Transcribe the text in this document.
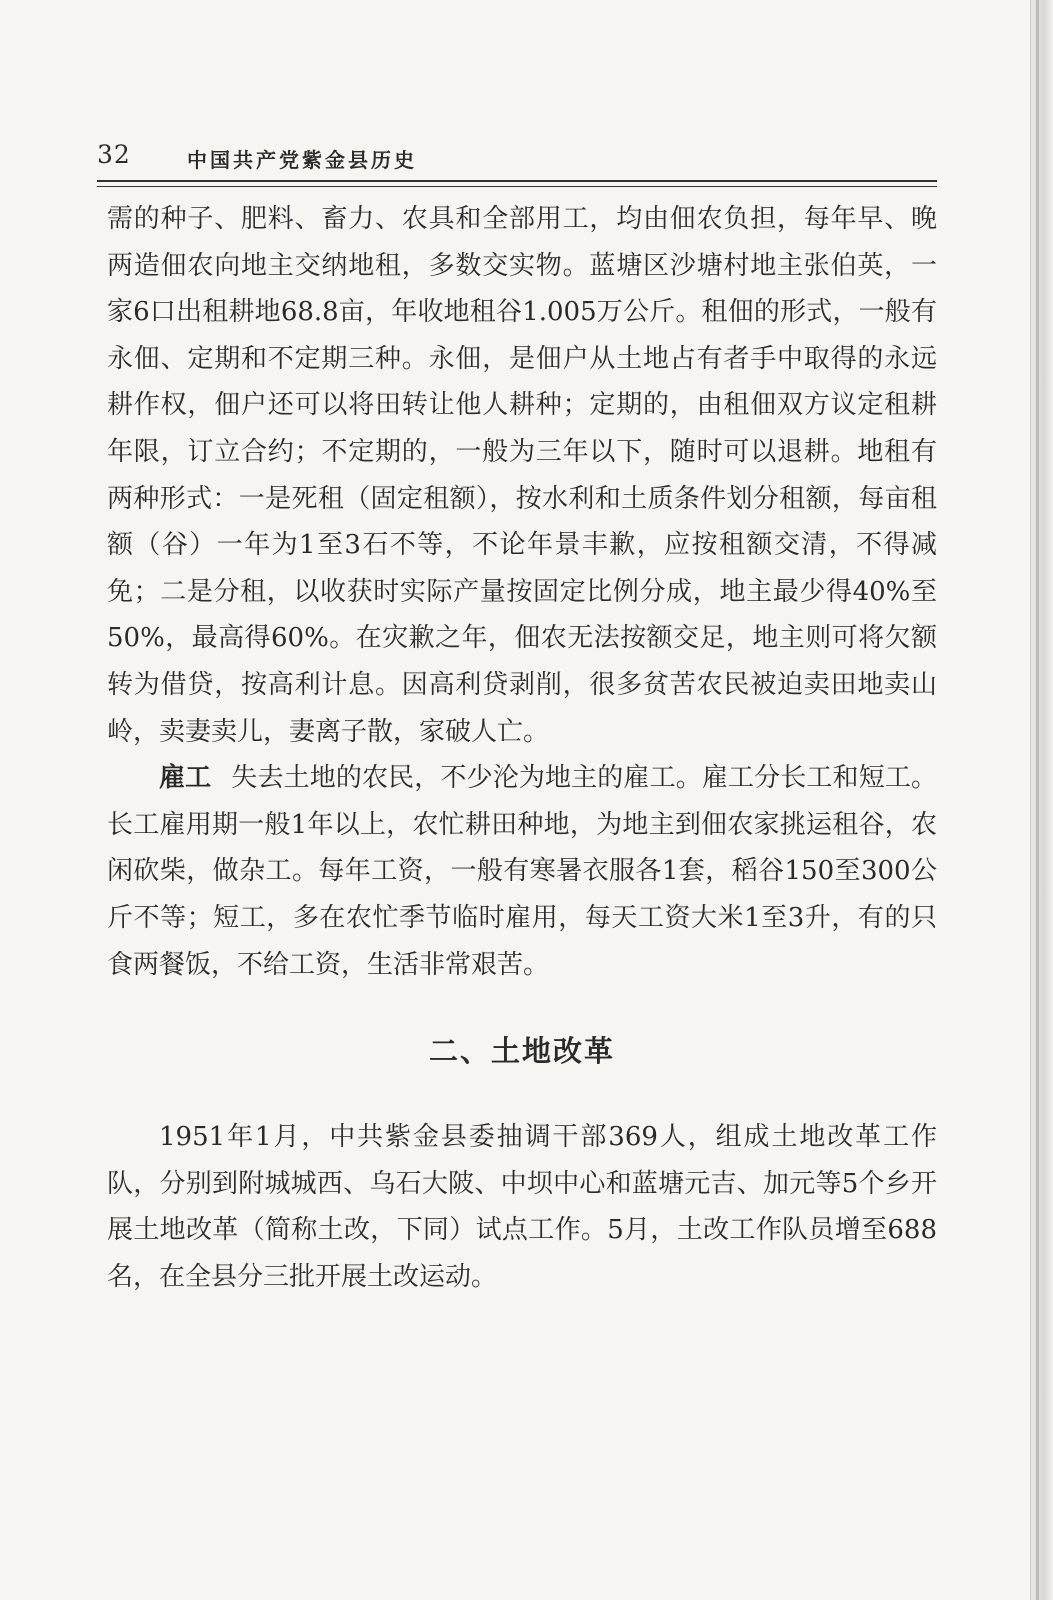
32	中国共产党紫金县历史

需的种子、肥料、畜力、农具和全部用工，均由佃农负担，每年早、晚两造佃农向地主交纳地租，多数交实物。蓝塘区沙塘村地主张伯英，一家6口出租耕地68.8亩，年收地租谷1.005万公斤。租佃的形式，一般有永佃、定期和不定期三种。永佃，是佃户从土地占有者手中取得的永远耕作权，佃户还可以将田转让他人耕种；定期的，由租佃双方议定租耕年限，订立合约；不定期的，一般为三年以下，随时可以退耕。地租有两种形式：一是死租（固定租额），按水利和土质条件划分租额，每亩租额（谷）一年为1至3石不等，不论年景丰歉，应按租额交清，不得减免；二是分租，以收获时实际产量按固定比例分成，地主最少得40%至50%，最高得60%。在灾歉之年，佃农无法按额交足，地主则可将欠额转为借贷，按高利计息。因高利贷剥削，很多贫苦农民被迫卖田地卖山岭，卖妻卖儿，妻离子散，家破人亡。

雇工 失去土地的农民，不少沦为地主的雇工。雇工分长工和短工。长工雇用期一般1年以上，农忙耕田种地，为地主到佃农家挑运租谷，农闲砍柴，做杂工。每年工资，一般有寒暑衣服各1套，稻谷150至300公斤不等；短工，多在农忙季节临时雇用，每天工资大米1至3升，有的只食两餐饭，不给工资，生活非常艰苦。

二、土地改革

1951年1月，中共紫金县委抽调干部369人，组成土地改革工作队，分别到附城城西、乌石大陂、中坝中心和蓝塘元吉、加元等5个乡开展土地改革（简称土改，下同）试点工作。5月，土改工作队员增至688名，在全县分三批开展土改运动。
